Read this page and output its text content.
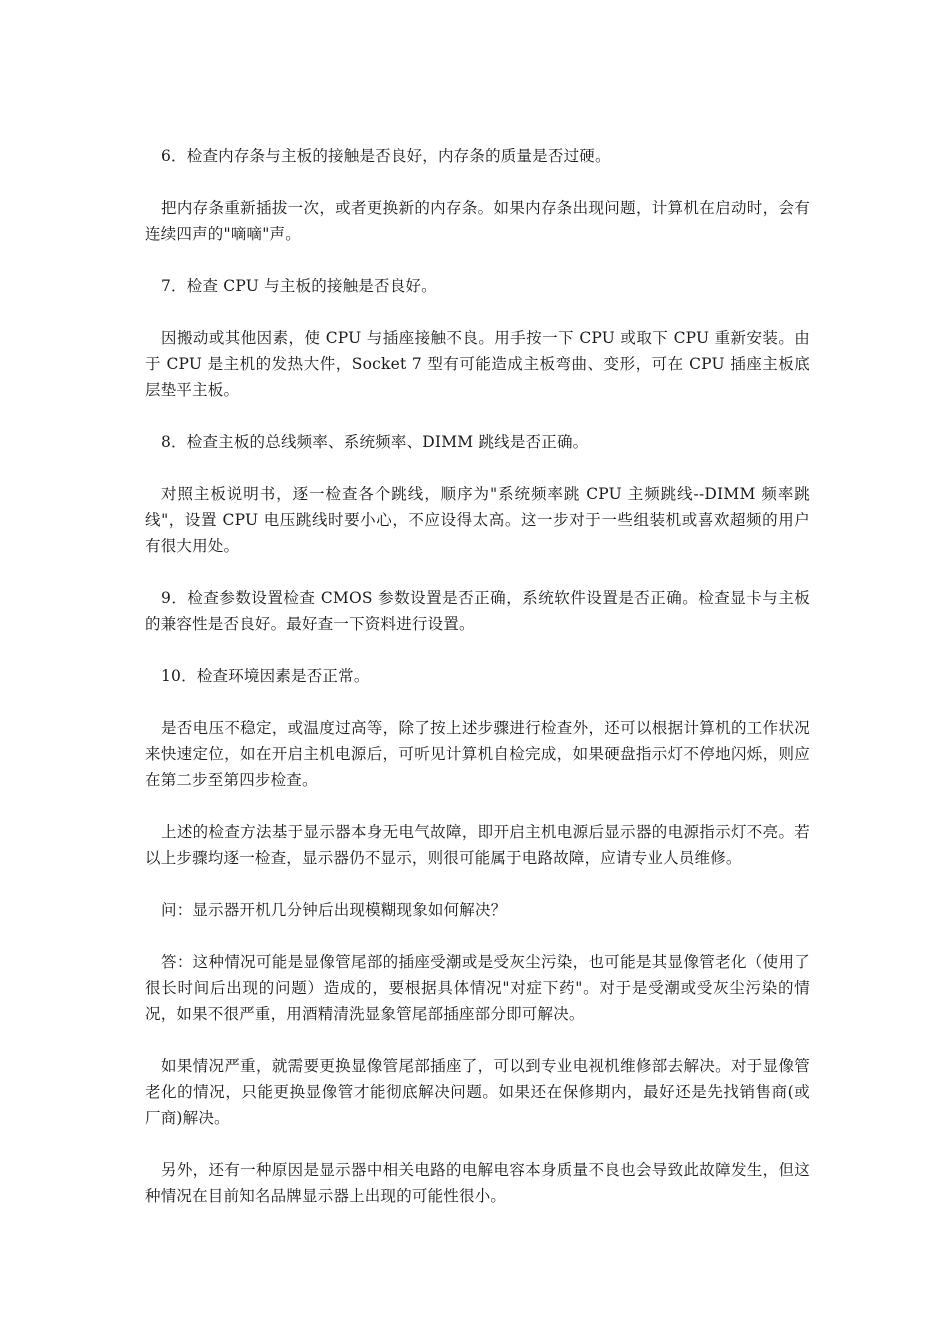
6．检查内存条与主板的接触是否良好，内存条的质量是否过硬。

把内存条重新插拔一次，或者更换新的内存条。如果内存条出现问题，计算机在启动时，会有连续四声的"嘀嘀"声。

7．检查 CPU 与主板的接触是否良好。

因搬动或其他因素，使 CPU 与插座接触不良。用手按一下 CPU 或取下 CPU 重新安装。由于 CPU 是主机的发热大件，Socket 7 型有可能造成主板弯曲、变形，可在 CPU 插座主板底层垫平主板。

8．检查主板的总线频率、系统频率、DIMM 跳线是否正确。

对照主板说明书，逐一检查各个跳线，顺序为"系统频率跳 CPU 主频跳线--DIMM 频率跳线"，设置 CPU 电压跳线时要小心，不应设得太高。这一步对于一些组装机或喜欢超频的用户有很大用处。

9．检查参数设置检查 CMOS 参数设置是否正确，系统软件设置是否正确。检查显卡与主板的兼容性是否良好。最好查一下资料进行设置。

10．检查环境因素是否正常。

是否电压不稳定，或温度过高等，除了按上述步骤进行检查外，还可以根据计算机的工作状况来快速定位，如在开启主机电源后，可听见计算机自检完成，如果硬盘指示灯不停地闪烁，则应在第二步至第四步检查。

上述的检查方法基于显示器本身无电气故障，即开启主机电源后显示器的电源指示灯不亮。若以上步骤均逐一检查，显示器仍不显示，则很可能属于电路故障，应请专业人员维修。

问：显示器开机几分钟后出现模糊现象如何解决？

答：这种情况可能是显像管尾部的插座受潮或是受灰尘污染，也可能是其显像管老化（使用了很长时间后出现的问题）造成的，要根据具体情况"对症下药"。对于是受潮或受灰尘污染的情况，如果不很严重，用酒精清洗显象管尾部插座部分即可解决。

如果情况严重，就需要更换显像管尾部插座了，可以到专业电视机维修部去解决。对于显像管老化的情况，只能更换显像管才能彻底解决问题。如果还在保修期内，最好还是先找销售商(或厂商)解决。

另外，还有一种原因是显示器中相关电路的电解电容本身质量不良也会导致此故障发生，但这种情况在目前知名品牌显示器上出现的可能性很小。
